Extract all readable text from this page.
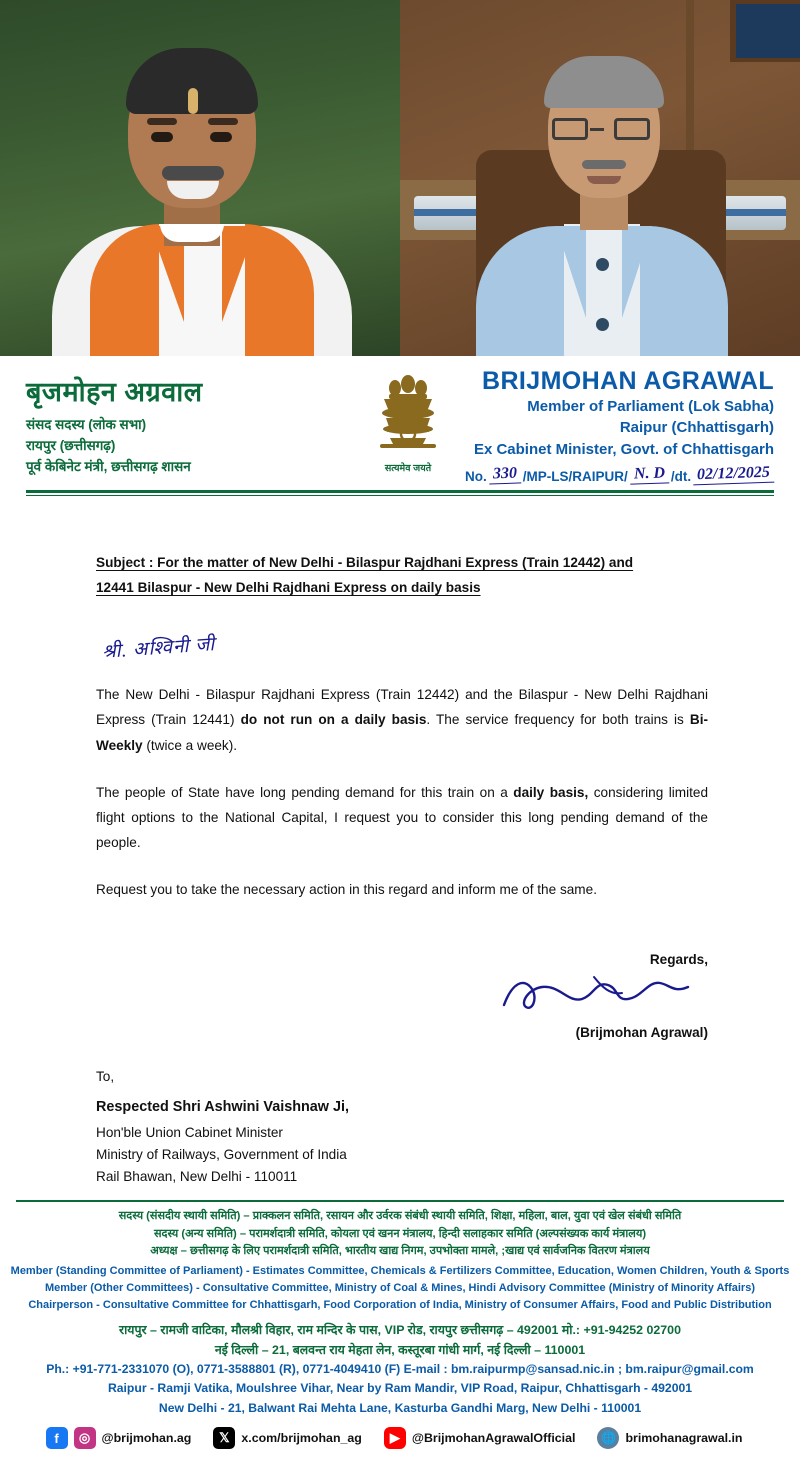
बृजमोहन अग्रवाल
संसद सदस्य (लोक सभा)
रायपुर (छत्तीसगढ़)
पूर्व केबिनेट मंत्री, छत्तीसगढ़ शासन	सत्यमेव जयते
BRIJMOHAN AGRAWAL
Member of Parliament (Lok Sabha)
Raipur (Chhattisgarh)
Ex Cabinet Minister, Govt. of Chhattisgarh
No. 330 /MP-LS/RAIPUR/ N. D /dt. 02/12/2025
Subject : For the matter of New Delhi - Bilaspur Rajdhani Express (Train 12442) and
12441 Bilaspur - New Delhi Rajdhani Express on daily basis
श्री. अश्विनी जी

The New Delhi - Bilaspur Rajdhani Express (Train 12442) and the Bilaspur - New Delhi Rajdhani Express (Train 12441) do not run on a daily basis. The service frequency for both trains is Bi-Weekly (twice a week).

The people of State have long pending demand for this train on a daily basis, considering limited flight options to the National Capital, I request you to consider this long pending demand of the people.

Request you to take the necessary action in this regard and inform me of the same.

Regards,
(Brijmohan Agrawal)
To,
Respected Shri Ashwini Vaishnaw Ji,
Hon'ble Union Cabinet Minister
Ministry of Railways, Government of India
Rail Bhawan, New Delhi - 110011
सदस्य (संसदीय स्थायी समिति) – प्राक्कलन समिति, रसायन और उर्वरक संबंधी स्थायी समिति, शिक्षा, महिला, बाल, युवा एवं खेल संबंधी समिति
सदस्य (अन्य समिति) – परामर्शदात्री समिति, कोयला एवं खनन मंत्रालय, हिन्दी सलाहकार समिति (अल्पसंख्यक कार्य मंत्रालय)
अध्यक्ष – छत्तीसगढ़ के लिए परामर्शदात्री समिति, भारतीय खाद्य निगम, उपभोक्ता मामले, ;खाद्य एवं सार्वजनिक वितरण मंत्रालय
Member (Standing Committee of Parliament) - Estimates Committee, Chemicals & Fertilizers Committee, Education, Women Children, Youth & Sports
Member (Other Committees) - Consultative Committee, Ministry of Coal & Mines, Hindi Advisory Committee (Ministry of Minority Affairs)
Chairperson - Consultative Committee for Chhattisgarh, Food Corporation of India, Ministry of Consumer Affairs, Food and Public Distribution
रायपुर – रामजी वाटिका, मौलश्री विहार, राम मन्दिर के पास, VIP रोड, रायपुर छत्तीसगढ़ – 492001 मो.: +91-94252 02700
नई दिल्ली – 21, बलवन्त राय मेहता लेन, कस्तूरबा गांधी मार्ग, नई दिल्ली – 110001
Ph.: +91-771-2331070 (O), 0771-3588801 (R), 0771-4049410 (F) E-mail : bm.raipurmp@sansad.nic.in ; bm.raipur@gmail.com
Raipur - Ramji Vatika, Moulshree Vihar, Near by Ram Mandir, VIP Road, Raipur, Chhattisgarh - 492001
New Delhi - 21, Balwant Rai Mehta Lane, Kasturba Gandhi Marg, New Delhi - 110001
f	◎ @brijmohan.ag	𝕏 x.com/brijmohan_ag	▶ @BrijmohanAgrawalOfficial 🌐 brimohanagrawal.in
